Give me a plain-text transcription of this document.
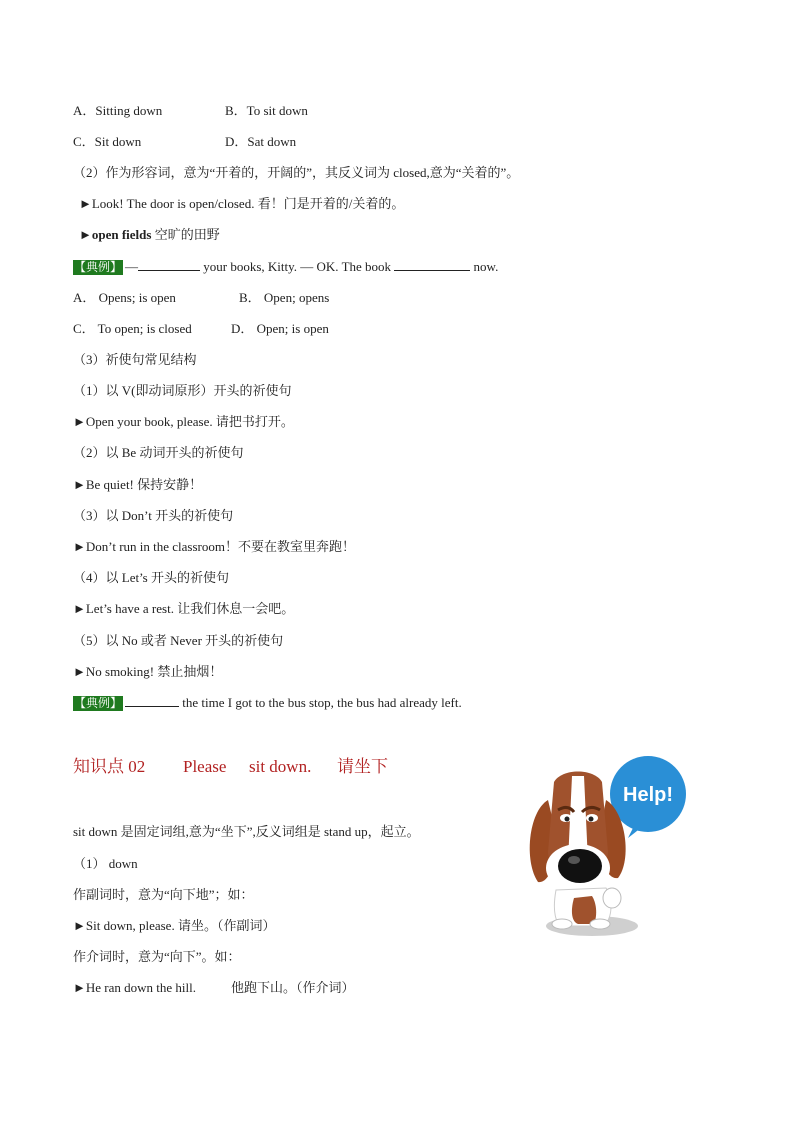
A．Sitting down	B．To sit down
C．Sit down	D．Sat down
（2）作为形容词，意为“开着的，开阔的”，其反义词为 closed,意为“关着的”。
►Look! The door is open/closed. 看！门是开着的/关着的。
►open fields 空旷的田野
【典例】 —	your books, Kitty. — OK. The book	now.
A． Opens; is open	B． Open; opens
C． To open; is closed	D． Open; is open
（3）祈使句常见结构
（1）以 V(即动词原形）开头的祈使句
►Open your book, please. 请把书打开。
（2）以 Be 动词开头的祈使句
►Be quiet! 保持安静！
（3）以 Don’t 开头的祈使句
►Don’t run in the classroom！不要在教室里奔跑！
（4）以 Let’s 开头的祈使句
►Let’s have a rest. 让我们休息一会吧。
（5）以 No 或者 Never 开头的祈使句
►No smoking! 禁止抽烟！
【典例】	the time I got to the bus stop, the bus had already left.
知识点 02 Please sit down. 请坐下
sit down 是固定词组,意为“坐下”,反义词组是 stand up，起立。
（1） down
作副词时，意为“向下地”；如：
►Sit down, please. 请坐。（作副词）
作介词时，意为“向下”。如：
►He ran down the hill.	他跑下山。（作介词）
Help!
